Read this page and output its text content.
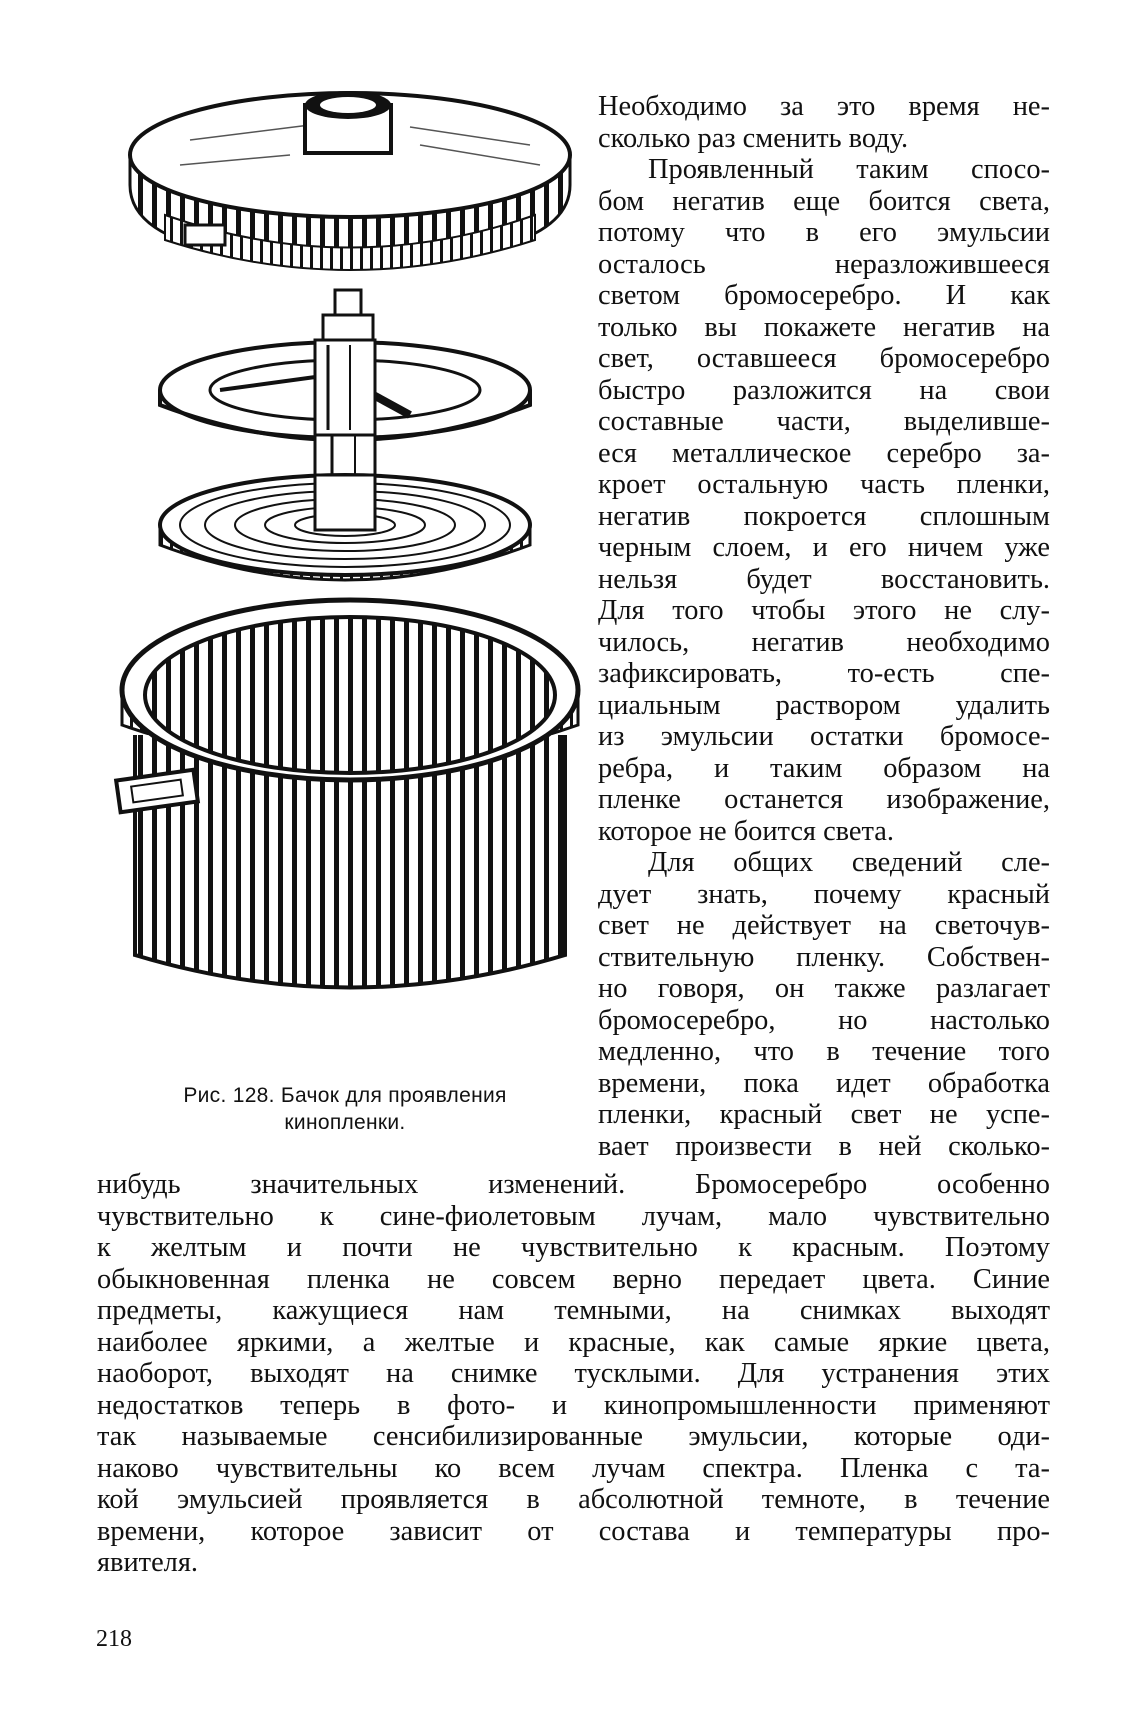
Рис. 128. Бачок для проявления
кинопленки.
Необходимо за это время не-
сколько раз сменить воду.
Проявленный таким спосо-
бом негатив еще боится света,
потому что в его эмульсии
осталось неразложившееся
светом бромосеребро. И как
только вы покажете негатив на
свет, оставшееся бромосеребро
быстро разложится на свои
составные части, выделивше-
еся металлическое серебро за-
кроет остальную часть пленки,
негатив покроется сплошным
черным слоем, и его ничем уже
нельзя будет восстановить.
Для того чтобы этого не слу-
чилось, негатив необходимо
зафиксировать, то-есть спе-
циальным раствором удалить
из эмульсии остатки бромосе-
ребра, и таким образом на
пленке останется изображение,
которое не боится света.
Для общих сведений сле-
дует знать, почему красный
свет не действует на светочув-
ствительную пленку. Собствен-
но говоря, он также разлагает
бромосеребро, но настолько
медленно, что в течение того
времени, пока идет обработка
пленки, красный свет не успе-
вает произвести в ней сколько-
нибудь значительных изменений. Бромосеребро особенно
чувствительно к сине-фиолетовым лучам, мало чувствительно
к желтым и почти не чувствительно к красным. Поэтому
обыкновенная пленка не совсем верно передает цвета. Синие
предметы, кажущиеся нам темными, на снимках выходят
наиболее яркими, а желтые и красные, как самые яркие цвета,
наоборот, выходят на снимке тусклыми. Для устранения этих
недостатков теперь в фото- и кинопромышленности применяют
так называемые сенсибилизированные эмульсии, которые оди-
наково чувствительны ко всем лучам спектра. Пленка с та-
кой эмульсией проявляется в абсолютной темноте, в течение
времени, которое зависит от состава и температуры про-
явителя.
218
